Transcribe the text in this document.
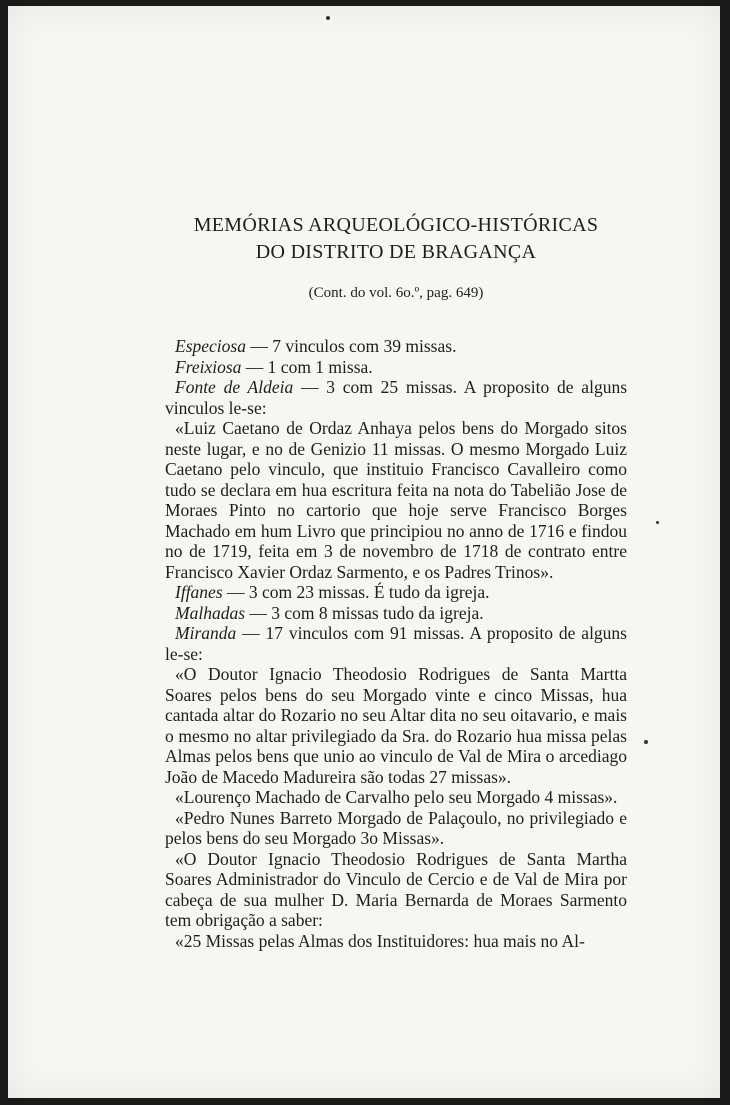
MEMÓRIAS ARQUEOLÓGICO-HISTÓRICAS
DO DISTRITO DE BRAGANÇA
(Cont. do vol. 6o.º, pag. 649)

Especiosa — 7 vinculos com 39 missas.

Freixiosa — 1 com 1 missa.

Fonte de Aldeia — 3 com 25 missas. A proposito de alguns vinculos le-se:

«Luiz Caetano de Ordaz Anhaya pelos bens do Morgado sitos neste lugar, e no de Genizio 11 missas. O mesmo Morgado Luiz Caetano pelo vinculo, que instituio Francisco Cavalleiro como tudo se declara em hua escritura feita na nota do Tabelião Jose de Moraes Pinto no cartorio que hoje serve Francisco Borges Machado em hum Livro que principiou no anno de 1716 e findou no de 1719, feita em 3 de novembro de 1718 de contrato entre Francisco Xavier Ordaz Sarmento, e os Padres Trinos».

Iffanes — 3 com 23 missas. É tudo da igreja.

Malhadas — 3 com 8 missas tudo da igreja.

Miranda — 17 vinculos com 91 missas. A proposito de alguns le-se:

«O Doutor Ignacio Theodosio Rodrigues de Santa Martta Soares pelos bens do seu Morgado vinte e cinco Missas, hua cantada altar do Rozario no seu Altar dita no seu oitavario, e mais o mesmo no altar privilegiado da Sra. do Rozario hua missa pelas Almas pelos bens que unio ao vinculo de Val de Mira o arcediago João de Macedo Madureira são todas 27 missas».

«Lourenço Machado de Carvalho pelo seu Morgado 4 missas».

«Pedro Nunes Barreto Morgado de Palaçoulo, no privilegiado e pelos bens do seu Morgado 3o Missas».

«O Doutor Ignacio Theodosio Rodrigues de Santa Martha Soares Administrador do Vinculo de Cercio e de Val de Mira por cabeça de sua mulher D. Maria Bernarda de Moraes Sarmento tem obrigação a saber:

«25 Missas pelas Almas dos Instituidores: hua mais no Al-
